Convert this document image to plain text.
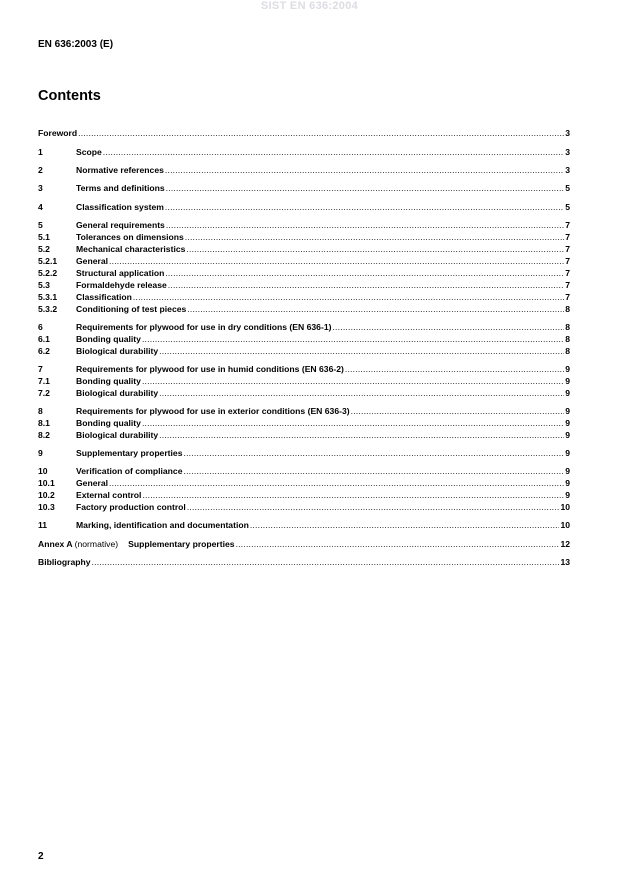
SIST EN 636:2004
EN 636:2003 (E)
Contents
Foreword .....	3
1	Scope .....	3
2	Normative references .....	3
3	Terms and definitions .....	5
4	Classification system .....	5
5	General requirements .....	7
5.1	Tolerances on dimensions .....	7
5.2	Mechanical characteristics .....	7
5.2.1	General .....	7
5.2.2	Structural application .....	7
5.3	Formaldehyde release .....	7
5.3.1	Classification .....	7
5.3.2	Conditioning of test pieces .....	8
6	Requirements for plywood for use in dry conditions (EN 636-1) .....	8
6.1	Bonding quality .....	8
6.2	Biological durability .....	8
7	Requirements for plywood for use in humid conditions (EN 636-2) .....	9
7.1	Bonding quality .....	9
7.2	Biological durability .....	9
8	Requirements for plywood for use in exterior conditions (EN 636-3) .....	9
8.1	Bonding quality .....	9
8.2	Biological durability .....	9
9	Supplementary properties .....	9
10	Verification of compliance .....	9
10.1	General .....	9
10.2	External control .....	9
10.3	Factory production control .....	10
11	Marking, identification and documentation .....	10
Annex A (normative) Supplementary properties .....	12
Bibliography .....	13
2
